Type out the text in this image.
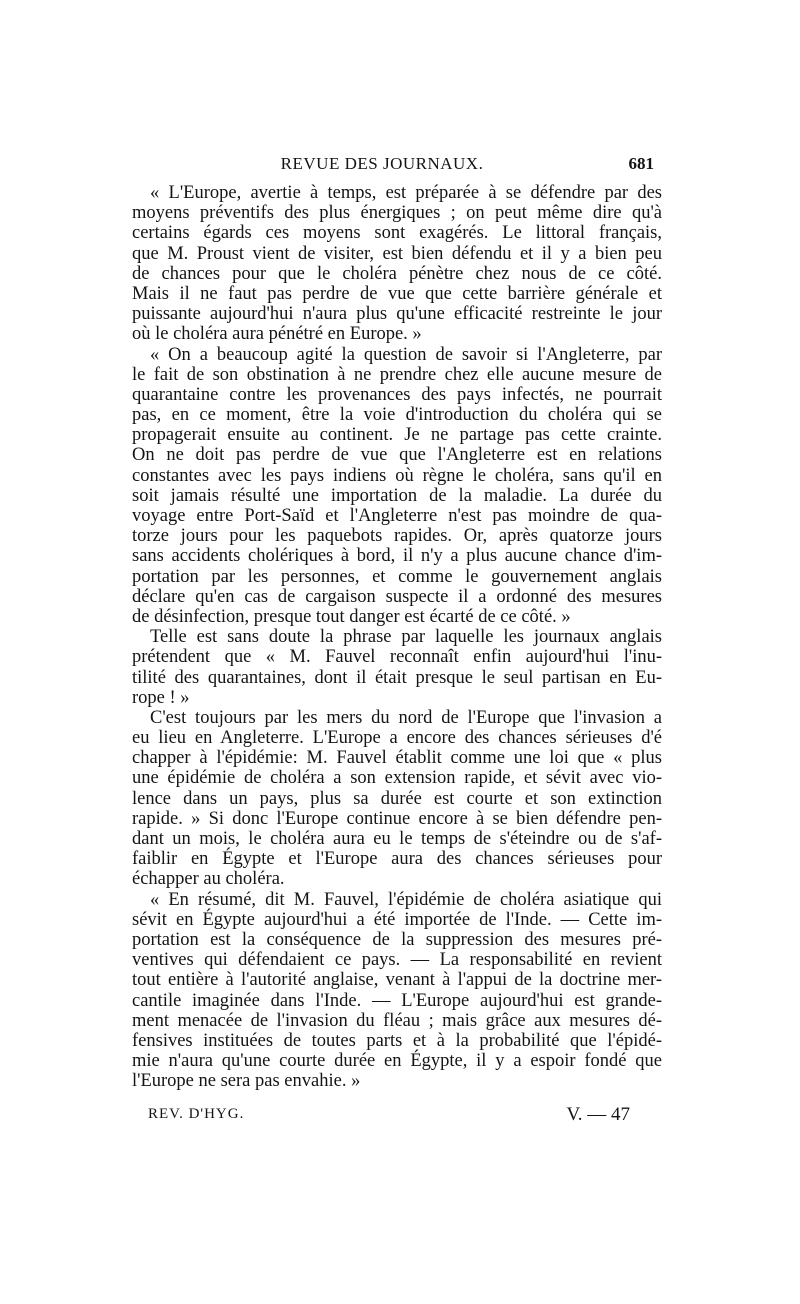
REVUE DES JOURNAUX.	681
« L'Europe, avertie à temps, est préparée à se défendre par des
moyens préventifs des plus énergiques ; on peut même dire qu'à
certains égards ces moyens sont exagérés. Le littoral français,
que M. Proust vient de visiter, est bien défendu et il y a bien peu
de chances pour que le choléra pénètre chez nous de ce côté.
Mais il ne faut pas perdre de vue que cette barrière générale et
puissante aujourd'hui n'aura plus qu'une efficacité restreinte le jour
où le choléra aura pénétré en Europe. »
« On a beaucoup agité la question de savoir si l'Angleterre, par
le fait de son obstination à ne prendre chez elle aucune mesure de
quarantaine contre les provenances des pays infectés, ne pourrait
pas, en ce moment, être la voie d'introduction du choléra qui se
propagerait ensuite au continent. Je ne partage pas cette crainte.
On ne doit pas perdre de vue que l'Angleterre est en relations
constantes avec les pays indiens où règne le choléra, sans qu'il en
soit jamais résulté une importation de la maladie. La durée du
voyage entre Port-Saïd et l'Angleterre n'est pas moindre de qua-
torze jours pour les paquebots rapides. Or, après quatorze jours
sans accidents cholériques à bord, il n'y a plus aucune chance d'im-
portation par les personnes, et comme le gouvernement anglais
déclare qu'en cas de cargaison suspecte il a ordonné des mesures
de désinfection, presque tout danger est écarté de ce côté. »
Telle est sans doute la phrase par laquelle les journaux anglais
prétendent que « M. Fauvel reconnaît enfin aujourd'hui l'inu-
tilité des quarantaines, dont il était presque le seul partisan en Eu-
rope ! »
C'est toujours par les mers du nord de l'Europe que l'invasion a
eu lieu en Angleterre. L'Europe a encore des chances sérieuses d'é
chapper à l'épidémie: M. Fauvel établit comme une loi que « plus
une épidémie de choléra a son extension rapide, et sévit avec vio-
lence dans un pays, plus sa durée est courte et son extinction
rapide. » Si donc l'Europe continue encore à se bien défendre pen-
dant un mois, le choléra aura eu le temps de s'éteindre ou de s'af-
faiblir en Égypte et l'Europe aura des chances sérieuses pour
échapper au choléra.
« En résumé, dit M. Fauvel, l'épidémie de choléra asiatique qui
sévit en Égypte aujourd'hui a été importée de l'Inde. — Cette im-
portation est la conséquence de la suppression des mesures pré-
ventives qui défendaient ce pays. — La responsabilité en revient
tout entière à l'autorité anglaise, venant à l'appui de la doctrine mer-
cantile imaginée dans l'Inde. — L'Europe aujourd'hui est grande-
ment menacée de l'invasion du fléau ; mais grâce aux mesures dé-
fensives instituées de toutes parts et à la probabilité que l'épidé-
mie n'aura qu'une courte durée en Égypte, il y a espoir fondé que
l'Europe ne sera pas envahie. »
REV. D'HYG.	V. — 47
